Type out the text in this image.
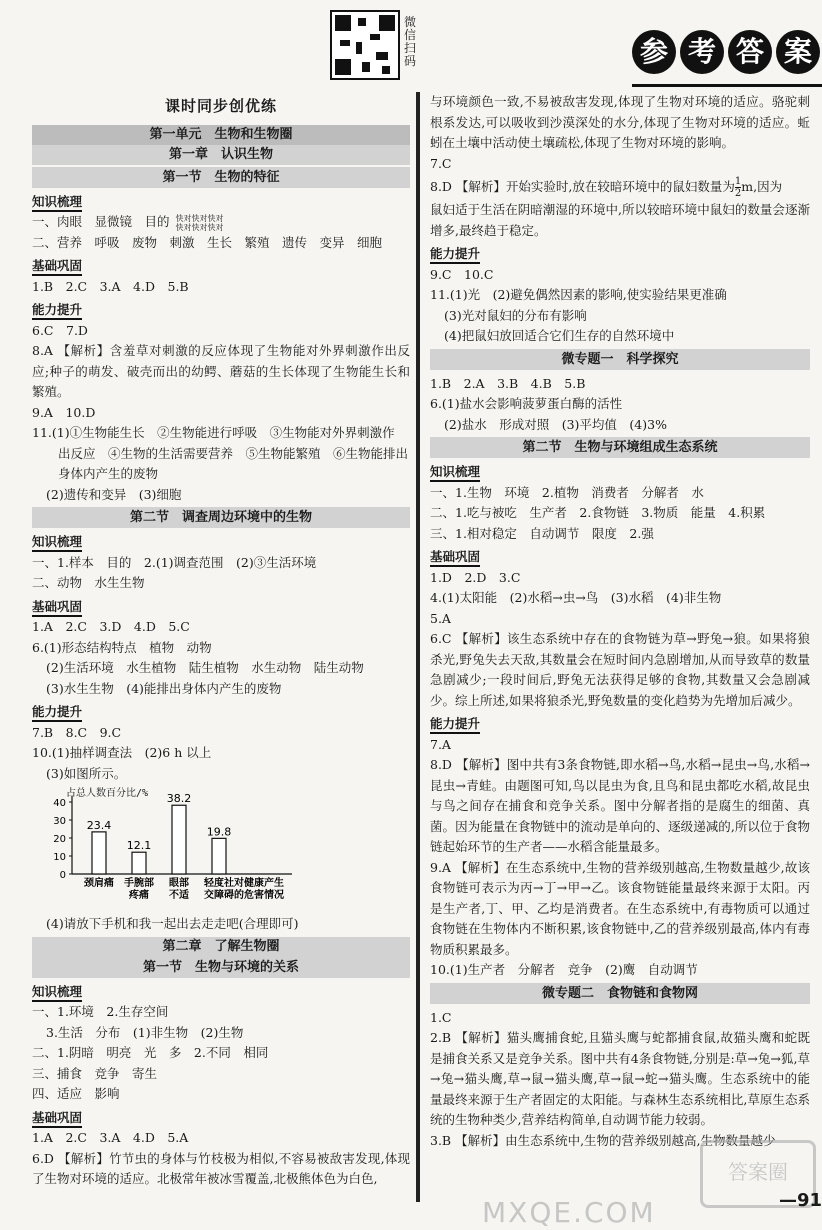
微信扫码	参 考 答 案
课时同步创优练
第一单元　生物和生物圈
第一章　认识生物
第一节　生物的特征
知识梳理
一、肉眼　显微镜　目的 快对快对快对
快对快对快对
二、营养　呼吸　废物　刺激　生长　繁殖　遗传　变异　细胞
基础巩固
1.B　2.C　3.A　4.D　5.B
能力提升
6.C　7.D
8.A 【解析】含羞草对刺激的反应体现了生物能对外界刺激作出反应;种子的萌发、破壳而出的幼鳄、蘑菇的生长体现了生物能生长和繁殖。
9.A　10.D
11.(1)①生物能生长　②生物能进行呼吸　③生物能对外界刺激作
出反应　④生物的生活需要营养　⑤生物能繁殖　⑥生物能排出
身体内产生的废物
(2)遗传和变异　(3)细胞
第二节　调查周边环境中的生物
知识梳理
一、1.样本　目的　2.(1)调查范围　(2)③生活环境
二、动物　水生生物
基础巩固
1.A　2.C　3.D　4.D　5.C
6.(1)形态结构特点　植物　动物
(2)生活环境　水生植物　陆生植物　水生动物　陆生动物
(3)水生生物　(4)能排出身体内产生的废物
能力提升
7.B　8.C　9.C
10.(1)抽样调查法　(2)6 h 以上
(3)如图所示。
占总人数百分比/%
0
10
20
30
40
23.4
12.1
38.2
19.8
颈肩痛 手腕部
疼痛
眼部
不适
轻度社
交障碍
对健康产生
的危害情况
(4)请放下手机和我一起出去走走吧(合理即可)
第二章　了解生物圈
第一节　生物与环境的关系
知识梳理
一、1.环境　2.生存空间
3.生活　分布　(1)非生物　(2)生物
二、1.阴暗　明亮　光　多　2.不同　相同
三、捕食　竞争　寄生
四、适应　影响
基础巩固
1.A　2.C　3.A　4.D　5.A
6.D 【解析】竹节虫的身体与竹枝极为相似,不容易被敌害发现,体现了生物对环境的适应。北极常年被冰雪覆盖,北极熊体色为白色,
与环境颜色一致,不易被敌害发现,体现了生物对环境的适应。骆驼刺根系发达,可以吸收到沙漠深处的水分,体现了生物对环境的适应。蚯蚓在土壤中活动使土壤疏松,体现了生物对环境的影响。
7.C
8.D 【解析】开始实验时,放在较暗环境中的鼠妇数量为$\frac{1}{2} m$,因为
鼠妇适于生活在阴暗潮湿的环境中,所以较暗环境中鼠妇的数量会逐渐增多,最终趋于稳定。
能力提升
9.C　10.C
11.(1)光　(2)避免偶然因素的影响,使实验结果更准确
(3)光对鼠妇的分布有影响
(4)把鼠妇放回适合它们生存的自然环境中
微专题一　科学探究
1.B　2.A　3.B　4.B　5.B
6.(1)盐水会影响菠萝蛋白酶的活性
(2)盐水　形成对照　(3)平均值　(4)3%
第二节　生物与环境组成生态系统
知识梳理
一、1.生物　环境　2.植物　消费者　分解者　水
二、1.吃与被吃　生产者　2.食物链　3.物质　能量　4.积累
三、1.相对稳定　自动调节　限度　2.强
基础巩固
1.D　2.D　3.C
4.(1)太阳能　(2)水稻→虫→鸟　(3)水稻　(4)非生物
5.A
6.C 【解析】该生态系统中存在的食物链为草→野兔→狼。如果将狼杀光,野兔失去天敌,其数量会在短时间内急剧增加,从而导致草的数量急剧减少;一段时间后,野兔无法获得足够的食物,其数量又会急剧减少。综上所述,如果将狼杀光,野兔数量的变化趋势为先增加后减少。
能力提升
7.A
8.D 【解析】图中共有3条食物链,即水稻→鸟,水稻→昆虫→鸟,水稻→昆虫→青蛙。由题图可知,鸟以昆虫为食,且鸟和昆虫都吃水稻,故昆虫与鸟之间存在捕食和竞争关系。图中分解者指的是腐生的细菌、真菌。因为能量在食物链中的流动是单向的、逐级递减的,所以位于食物链起始环节的生产者——水稻含能量最多。
9.A 【解析】在生态系统中,生物的营养级别越高,生物数量越少,故该食物链可表示为丙→丁→甲→乙。该食物链能量最终来源于太阳。丙是生产者,丁、甲、乙均是消费者。在生态系统中,有毒物质可以通过食物链在生物体内不断积累,该食物链中,乙的营养级别最高,体内有毒物质积累最多。
10.(1)生产者　分解者　竞争　(2)鹰　自动调节
微专题二　食物链和食物网
1.C
2.B 【解析】猫头鹰捕食蛇,且猫头鹰与蛇都捕食鼠,故猫头鹰和蛇既是捕食关系又是竞争关系。图中共有4条食物链,分别是:草→兔→狐,草→兔→猫头鹰,草→鼠→猫头鹰,草→鼠→蛇→猫头鹰。生态系统中的能量最终来源于生产者固定的太阳能。与森林生态系统相比,草原生态系统的生物种类少,营养结构简单,自动调节能力较弱。
3.B 【解析】由生态系统中,生物的营养级别越高,生物数量越少
答案圈
MXQE.COM	—91
